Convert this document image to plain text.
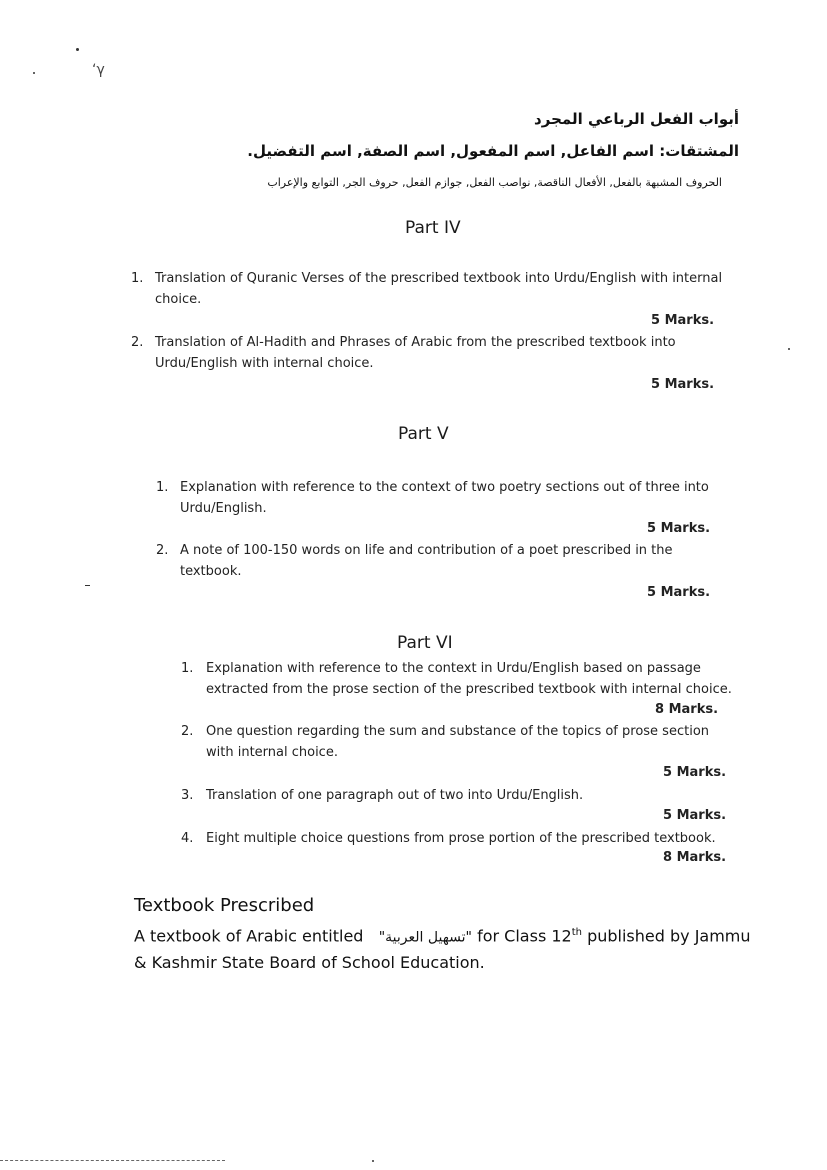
‘γ
أبواب الفعل الرباعي المجرد
المشتقات: اسم الفاعل, اسم المفعول, اسم الصفة, اسم التفضيل.
الحروف المشبهة بالفعل, الأفعال الناقصة, نواصب الفعل, جوازم الفعل, حروف الجر, التوابع والإعراب
Part IV
1. Translation of Quranic Verses of the prescribed textbook into Urdu/English with internal
choice.
5 Marks.
2. Translation of Al-Hadith and Phrases of Arabic from the prescribed textbook into
Urdu/English with internal choice.
5 Marks.
Part V
1. Explanation with reference to the context of two poetry sections out of three into
Urdu/English.
5 Marks.
2. A note of 100-150 words on life and contribution of a poet prescribed in the
textbook.
5 Marks.
Part VI
1. Explanation with reference to the context in Urdu/English based on passage
extracted from the prose section of the prescribed textbook with internal choice.
8 Marks.
2. One question regarding the sum and substance of the topics of prose section
with internal choice.
5 Marks.
3. Translation of one paragraph out of two into Urdu/English.
5 Marks.
4. Eight multiple choice questions from prose portion of the prescribed textbook.
8 Marks.
Textbook Prescribed
A textbook of Arabic entitled "تسهيل العربية" for Class 12th published by Jammu
& Kashmir State Board of School Education.
